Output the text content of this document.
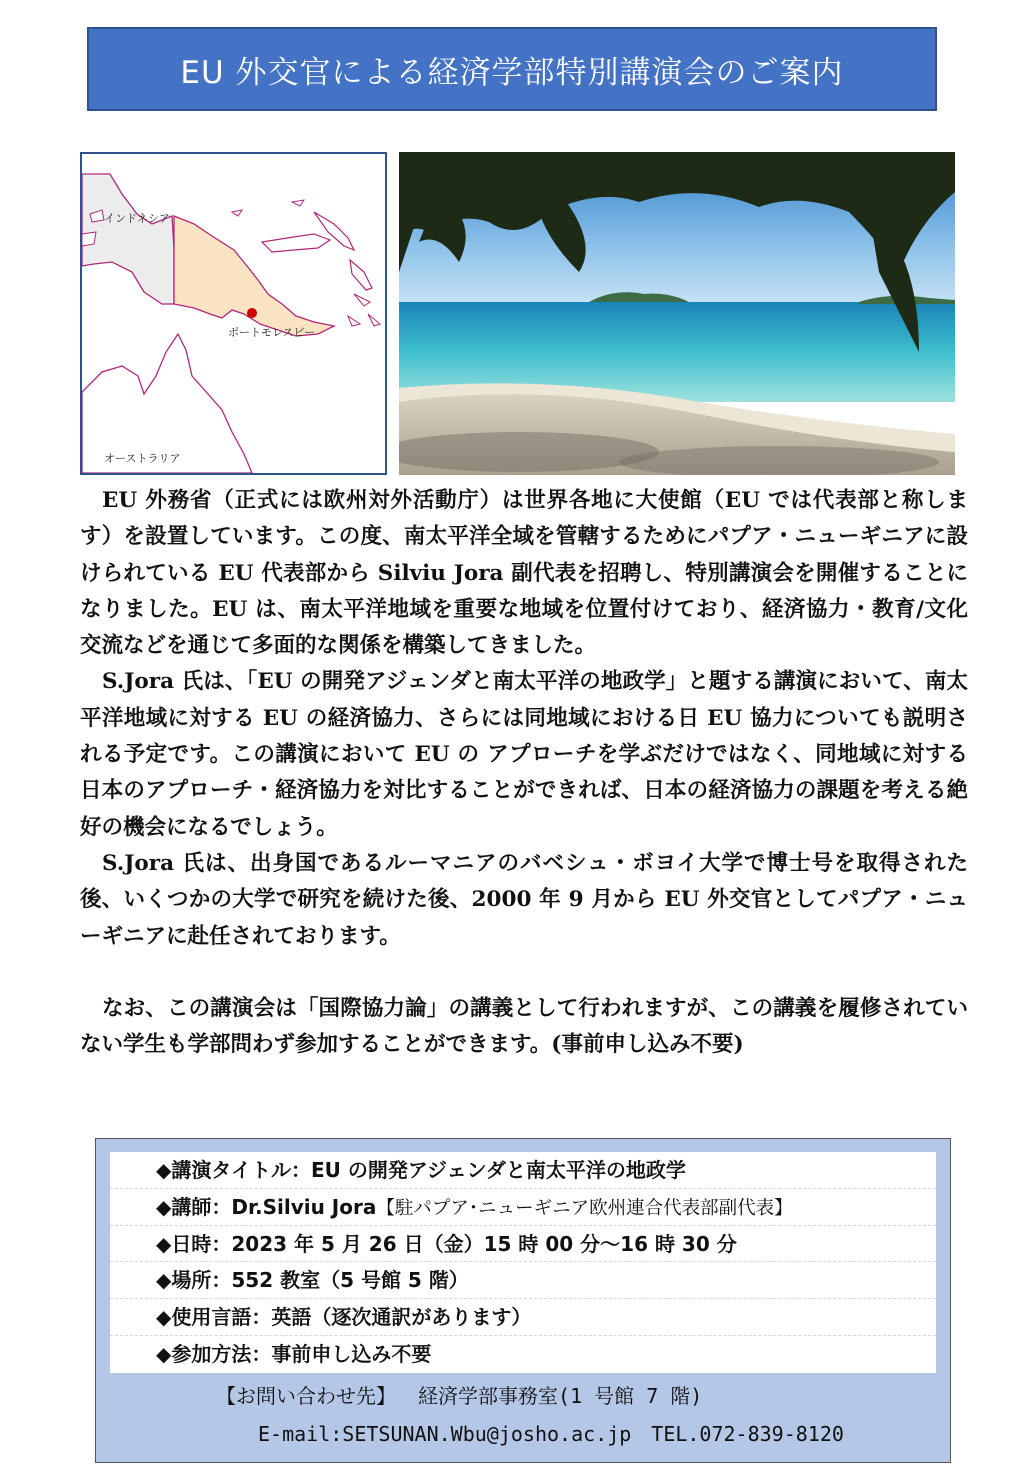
EU 外交官による経済学部特別講演会のご案内
インドネシア
ポートモレスビー
オーストラリア

EU 外務省（正式には欧州対外活動庁）は世界各地に大使館（EU では代表部と称します）を設置しています。この度、南太平洋全域を管轄するためにパプア・ニューギニアに設けられている EU 代表部から Silviu Jora 副代表を招聘し、特別講演会を開催することになりました。EU は、南太平洋地域を重要な地域を位置付けており、経済協力・教育/文化交流などを通じて多面的な関係を構築してきました。

S.Jora 氏は、「EU の開発アジェンダと南太平洋の地政学」と題する講演において、南太平洋地域に対する EU の経済協力、さらには同地域における日 EU 協力についても説明される予定です。この講演において EU の アプローチを学ぶだけではなく、同地域に対する日本のアプローチ・経済協力を対比することができれば、日本の経済協力の課題を考える絶好の機会になるでしょう。

S.Jora 氏は、出身国であるルーマニアのバベシュ・ボヨイ大学で博士号を取得された後、いくつかの大学で研究を続けた後、2000 年 9 月から EU 外交官としてパプア・ニューギニアに赴任されております。

なお、この講演会は「国際協力論」の講義として行われますが、この講義を履修されていない学生も学部問わず参加することができます。(事前申し込み不要)

◆講演タイトル：EU の開発アジェンダと南太平洋の地政学
◆講師：Dr.Silviu Jora【駐パプア･ニューギニア欧州連合代表部副代表】
◆日時：2023 年 5 月 26 日（金）15 時 00 分～16 時 30 分
◆場所：552 教室（5 号館 5 階）
◆使用言語：英語（逐次通訳があります）
◆参加方法：事前申し込み不要
【お問い合わせ先】　 経済学部事務室(1 号館 7 階)
E-mail:SETSUNAN.Wbu@josho.ac.jp　TEL.072-839-8120
